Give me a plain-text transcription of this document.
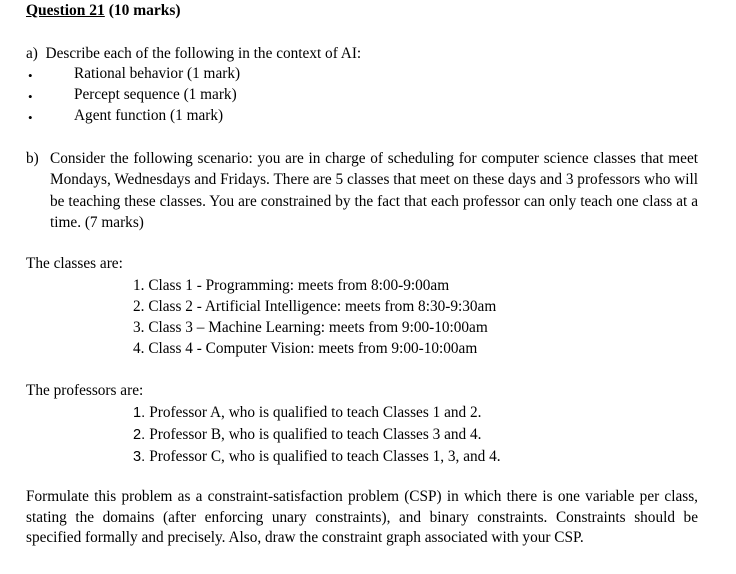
Question 21 (10 marks)
a) Describe each of the following in the context of AI:
•	Rational behavior (1 mark)
•	Percept sequence (1 mark)
•	Agent function (1 mark)
b) Consider the following scenario: you are in charge of scheduling for computer science classes that meet Mondays, Wednesdays and Fridays. There are 5 classes that meet on these days and 3 professors who will be teaching these classes. You are constrained by the fact that each professor can only teach one class at a time. (7 marks)
The classes are:
1. Class 1 - Programming: meets from 8:00-9:00am
2. Class 2 - Artificial Intelligence: meets from 8:30-9:30am
3. Class 3 – Machine Learning: meets from 9:00-10:00am
4. Class 4 - Computer Vision: meets from 9:00-10:00am
The professors are:
1. Professor A, who is qualified to teach Classes 1 and 2.
2. Professor B, who is qualified to teach Classes 3 and 4.
3. Professor C, who is qualified to teach Classes 1, 3, and 4.
Formulate this problem as a constraint-satisfaction problem (CSP) in which there is one variable per class, stating the domains (after enforcing unary constraints), and binary constraints. Constraints should be specified formally and precisely. Also, draw the constraint graph associated with your CSP.
